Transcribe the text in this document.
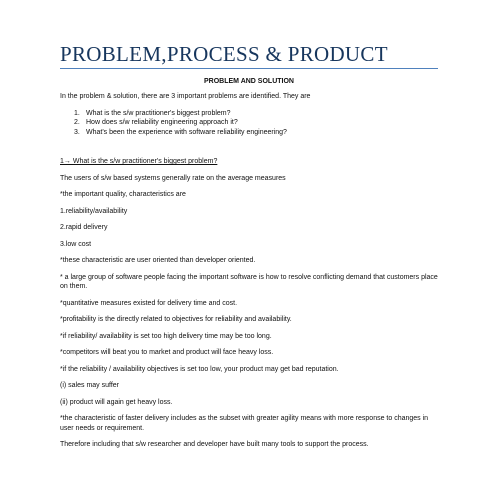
PROBLEM,PROCESS & PRODUCT
PROBLEM AND SOLUTION

In the problem & solution, there are 3 important problems are identified. They are

1. What is the s/w practitioner's biggest problem?
2. How does s/w reliability engineering approach it?
3. What's been the experience with software reliability engineering?

1→ What is the s/w practitioner's biggest problem?

The users of s/w based systems generally rate on the average measures

*the important quality, characteristics are

1.reliability/availability

2.rapid delivery

3.low cost

*these characteristic are user oriented than developer oriented.

* a large group of software people facing the important software is how to resolve conflicting demand that customers place on them.

*quantitative measures existed for delivery time and cost.

*profitability is the directly related to objectives for reliability and availability.

*if reliability/ availability is set too high delivery time may be too long.

*competitors will beat you to market and product will face heavy loss.

*if the reliability / availability objectives is set too low, your product may get bad reputation.

(i) sales may suffer

(ii) product will again get heavy loss.

*the characteristic of faster delivery includes as the subset with greater agility means with more response to changes in user needs or requirement.

Therefore including that s/w researcher and developer have built many tools to support the process.
